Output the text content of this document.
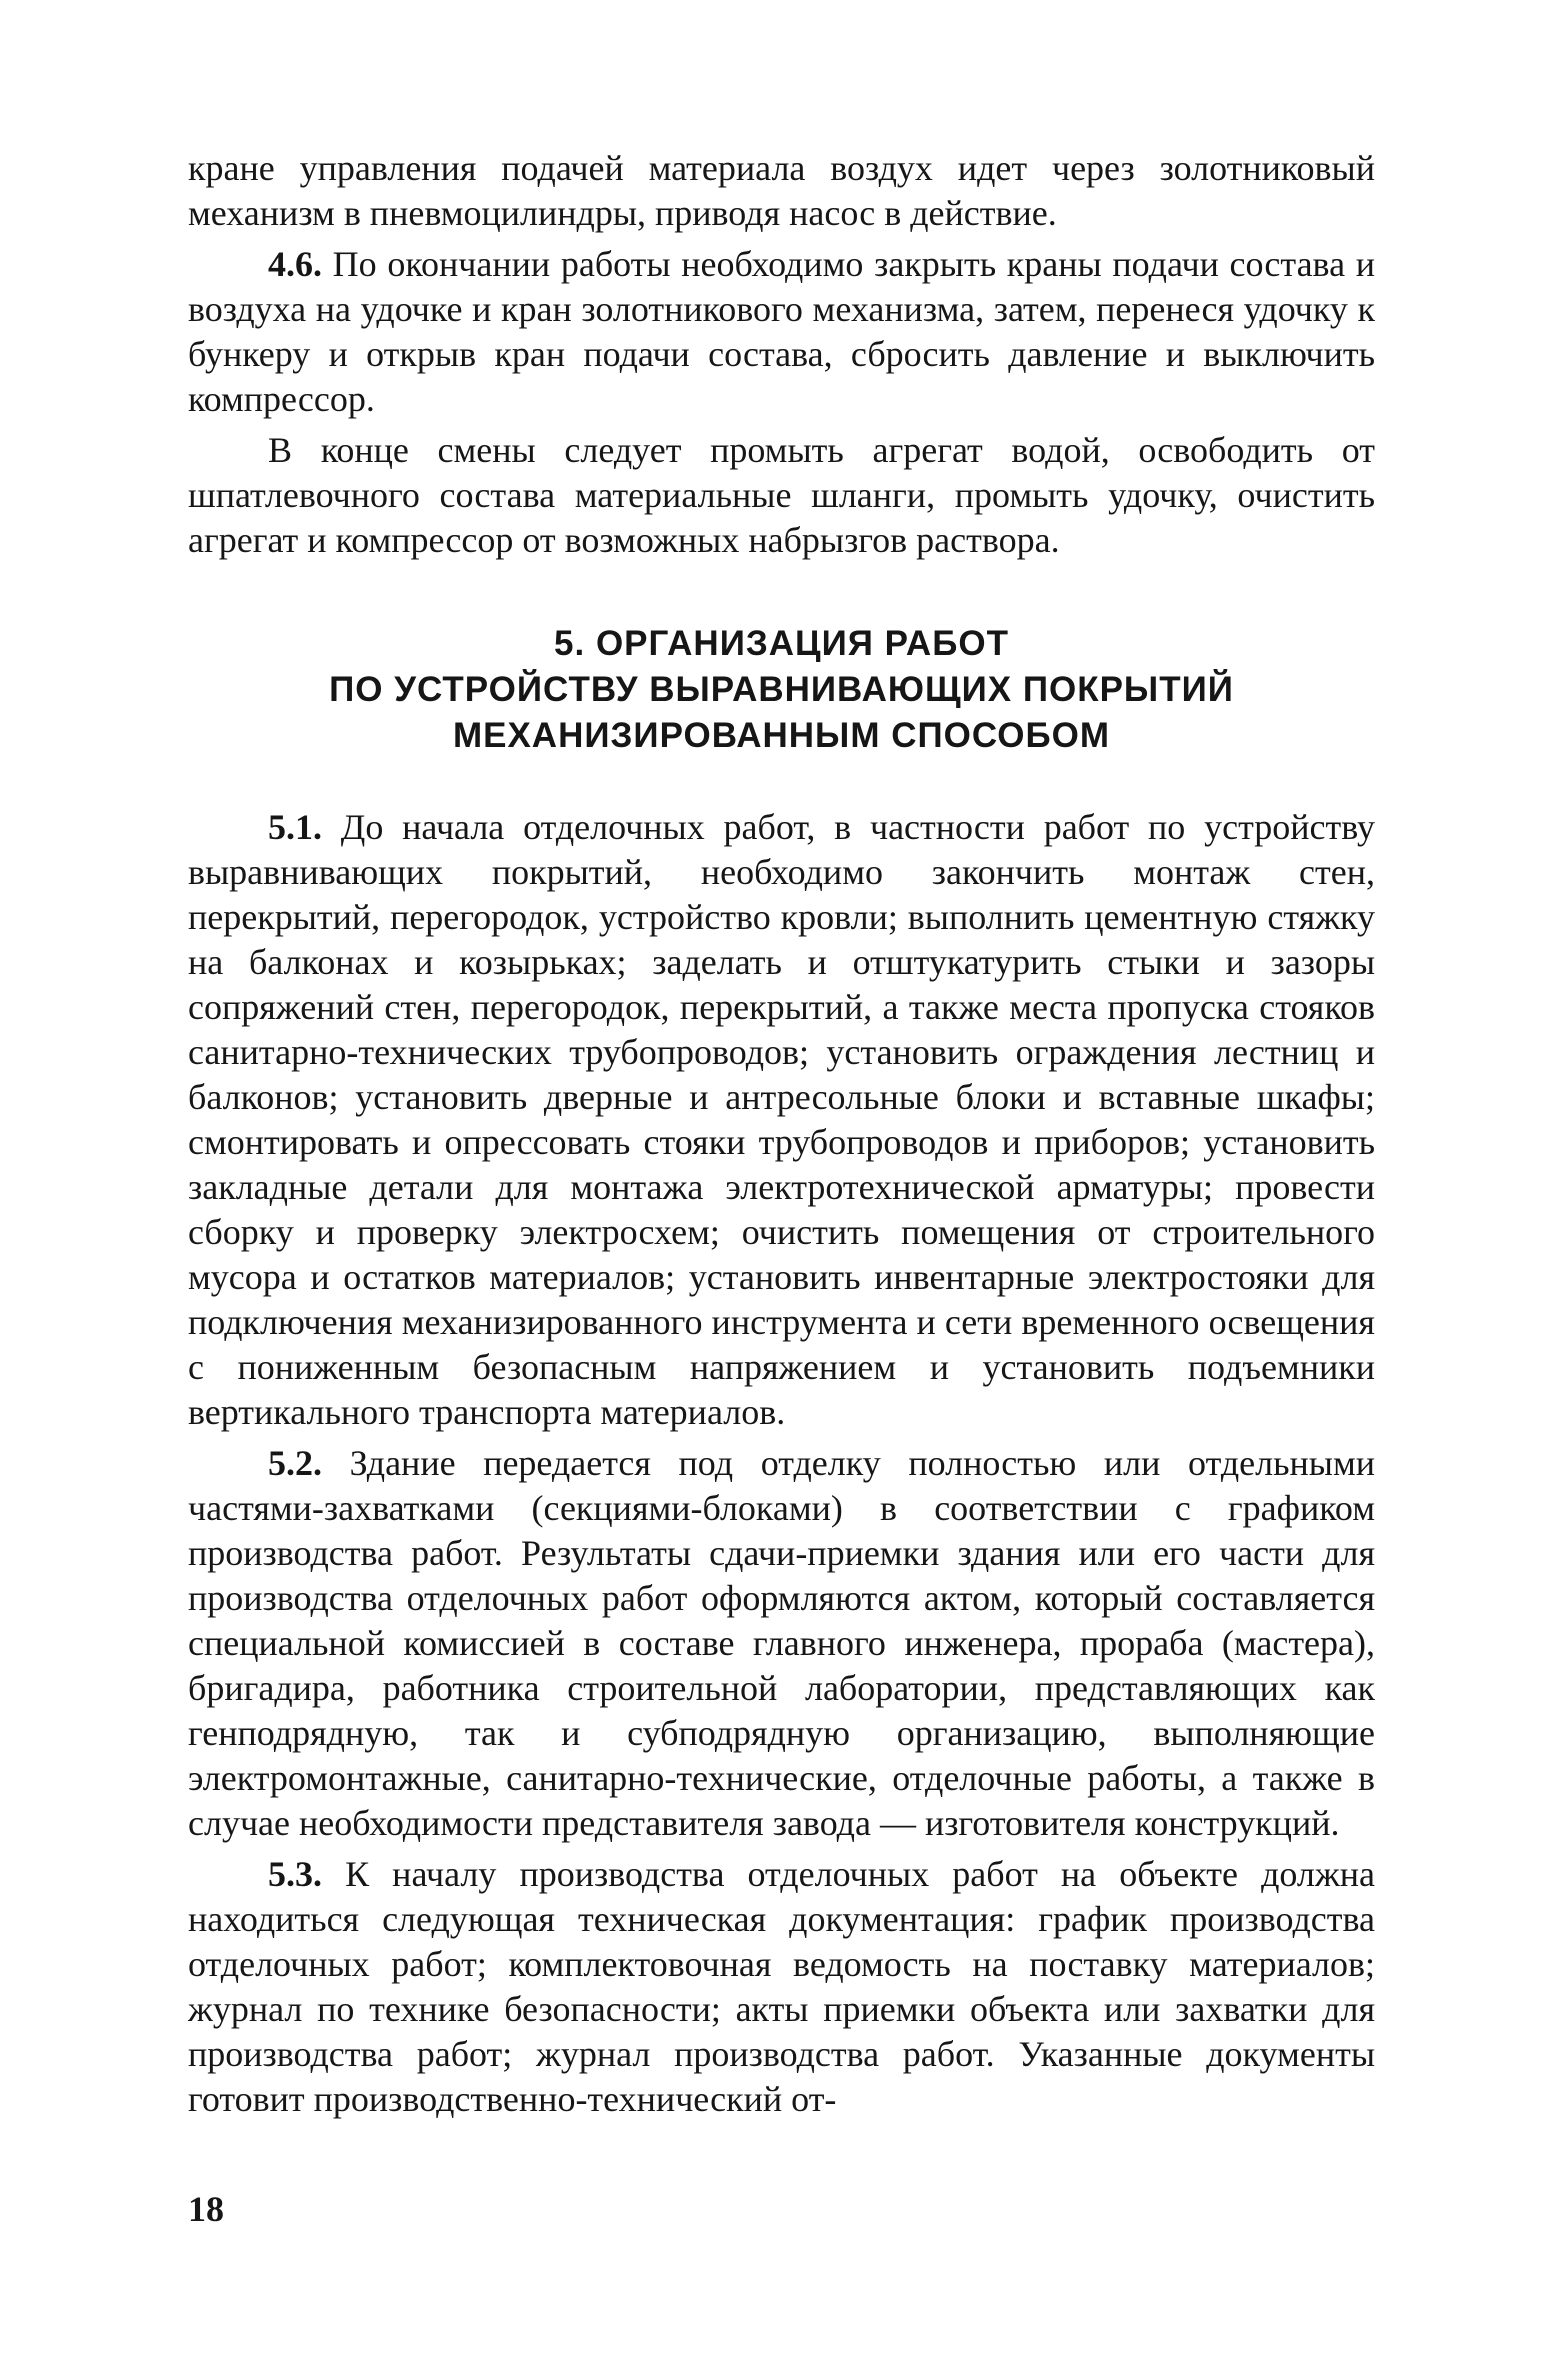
кране управления подачей материала воздух идет через золотниковый механизм в пневмоцилиндры, приводя насос в действие.

4.6. По окончании работы необходимо закрыть краны подачи состава и воздуха на удочке и кран золотникового механизма, затем, перенеся удочку к бункеру и открыв кран подачи состава, сбросить давление и выключить компрессор.

В конце смены следует промыть агрегат водой, освободить от шпатлевочного состава материальные шланги, промыть удочку, очистить агрегат и компрессор от возможных набрызгов раствора.

5. ОРГАНИЗАЦИЯ РАБОТ
ПО УСТРОЙСТВУ ВЫРАВНИВАЮЩИХ ПОКРЫТИЙ
МЕХАНИЗИРОВАННЫМ СПОСОБОМ

5.1. До начала отделочных работ, в частности работ по устройству выравнивающих покрытий, необходимо закончить монтаж стен, перекрытий, перегородок, устройство кровли; выполнить цементную стяжку на балконах и козырьках; заделать и отштукатурить стыки и зазоры сопряжений стен, перегородок, перекрытий, а также места пропуска стояков санитарно-технических трубопроводов; установить ограждения лестниц и балконов; установить дверные и антресольные блоки и вставные шкафы; смонтировать и опрессовать стояки трубопроводов и приборов; установить закладные детали для монтажа электротехнической арматуры; провести сборку и проверку электросхем; очистить помещения от строительного мусора и остатков материалов; установить инвентарные электростояки для подключения механизированного инструмента и сети временного освещения с пониженным безопасным напряжением и установить подъемники вертикального транспорта материалов.

5.2. Здание передается под отделку полностью или отдельными частями-захватками (секциями-блоками) в соответствии с графиком производства работ. Результаты сдачи-приемки здания или его части для производства отделочных работ оформляются актом, который составляется специальной комиссией в составе главного инженера, прораба (мастера), бригадира, работника строительной лаборатории, представляющих как генподрядную, так и субподрядную организацию, выполняющие электромонтажные, санитарно-технические, отделочные работы, а также в случае необходимости представителя завода — изготовителя конструкций.

5.3. К началу производства отделочных работ на объекте должна находиться следующая техническая документация: график производства отделочных работ; комплектовочная ведомость на поставку материалов; журнал по технике безопасности; акты приемки объекта или захватки для производства работ; журнал производства работ. Указанные документы готовит производственно-технический от-

18
